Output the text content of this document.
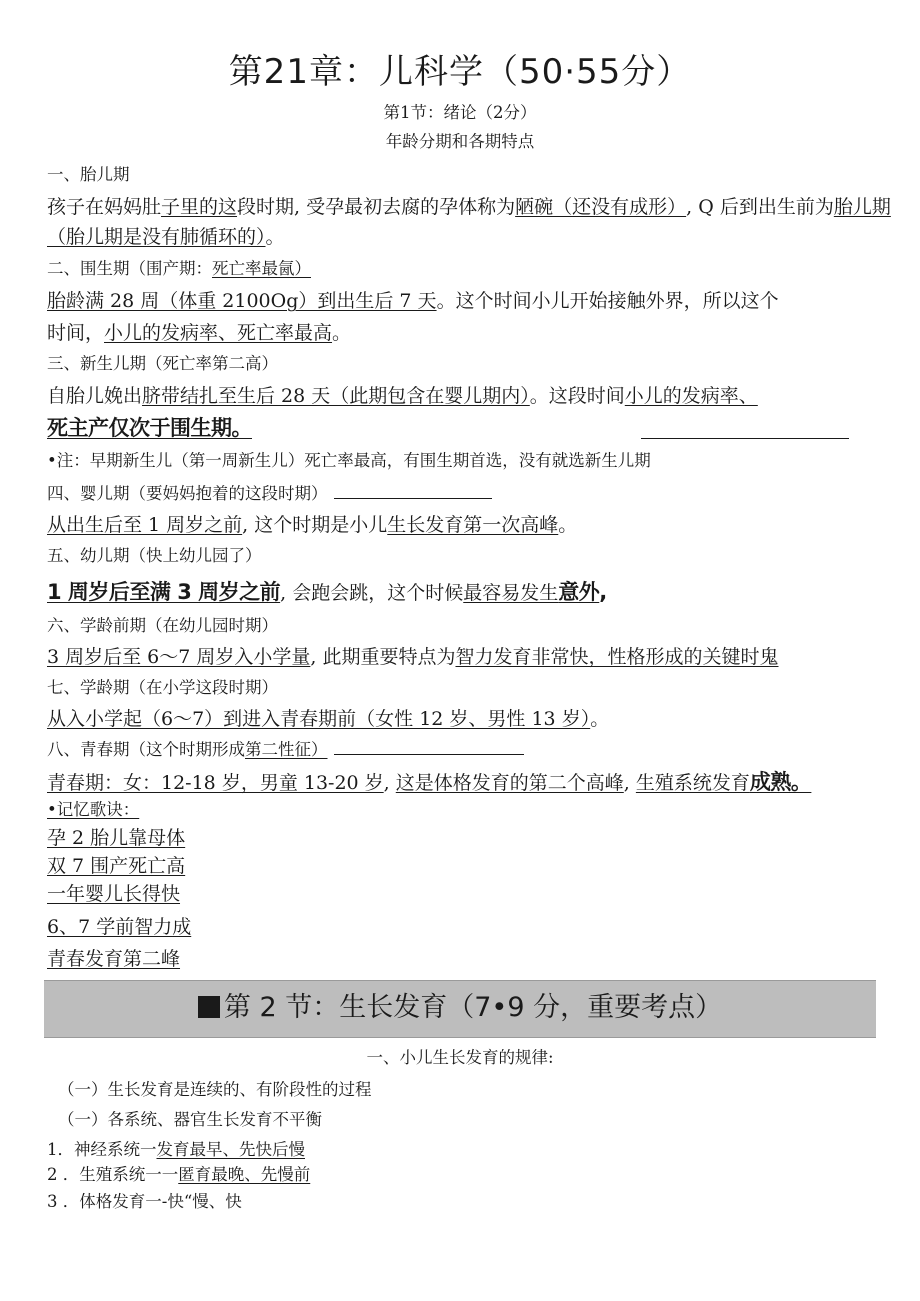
第21章：儿科学（50·55分）
第1节：绪论（2分）
年龄分期和各期特点
一、胎儿期
孩子在妈妈肚子里的这段时期, 受孕最初去腐的孕体称为陋碗（还没有成形）, Q 后到出生前为胎儿期
（胎儿期是没有肺循环的）。
二、围生期（围产期：死亡率最氤）
胎龄满 28 周（体重 2100Og）到出生后 7 天。这个时间小儿开始接触外界，所以这个
时间，小儿的发病率、死亡率最高。
三、新生儿期（死亡率第二高）
自胎儿娩出脐带结扎至生后 28 天（此期包含在婴儿期内）。这段时间小儿的发病率、
死主产仅次于围生期。
•注：早期新生儿（第一周新生儿）死亡率最高，有围生期首选，没有就选新生儿期
四、婴儿期（要妈妈抱着的这段时期）
从出生后至 1 周岁之前, 这个时期是小儿生长发育第一次高峰。
五、幼儿期（快上幼儿园了）
1 周岁后至满 3 周岁之前, 会跑会跳，这个时候最容易发生意外,
六、学龄前期（在幼儿园时期）
3 周岁后至 6～7 周岁入小学量, 此期重要特点为智力发育非常快，性格形成的关键时鬼
七、学龄期（在小学这段时期）
从入小学起（6～7）到进入青春期前（女性 12 岁、男性 13 岁）。
八、青春期（这个时期形成第二性征）
青春期：女：12-18 岁，男童 13-20 岁, 这是体格发育的第二个高峰, 生殖系统发育成熟。
•记忆歌诀：
孕 2 胎儿靠母体
双 7 围产死亡高
一年婴儿长得快
6、7 学前智力成
青春发育第二峰
第 2 节：生长发育（7•9 分，重要考点）
一、小儿生长发育的规律:
（一）生长发育是连续的、有阶段性的过程
（一）各系统、器官生长发育不平衡
1．神经系统一发育最早、先快后慢
2 ．生殖系统一一匿育最晚、先慢前
3 ．体格发育一-快“慢、快
